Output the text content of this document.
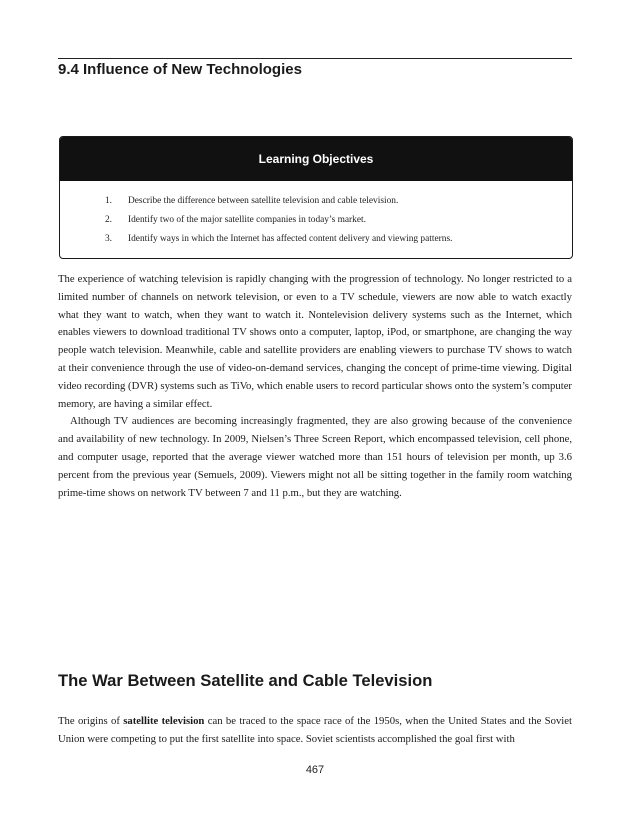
9.4 Influence of New Technologies
Learning Objectives
1.	Describe the difference between satellite television and cable television.
2.	Identify two of the major satellite companies in today’s market.
3.	Identify ways in which the Internet has affected content delivery and viewing patterns.

The experience of watching television is rapidly changing with the progression of technology. No longer restricted to a limited number of channels on network television, or even to a TV schedule, viewers are now able to watch exactly what they want to watch, when they want to watch it. Nontelevision delivery systems such as the Internet, which enables viewers to download traditional TV shows onto a computer, laptop, iPod, or smartphone, are changing the way people watch television. Meanwhile, cable and satellite providers are enabling viewers to purchase TV shows to watch at their convenience through the use of video-on-demand services, changing the concept of prime-time viewing. Digital video recording (DVR) systems such as TiVo, which enable users to record particular shows onto the system’s computer memory, are having a similar effect.

Although TV audiences are becoming increasingly fragmented, they are also growing because of the convenience and availability of new technology. In 2009, Nielsen’s Three Screen Report, which encompassed television, cell phone, and computer usage, reported that the average viewer watched more than 151 hours of television per month, up 3.6 percent from the previous year (Semuels, 2009). Viewers might not all be sitting together in the family room watching prime-time shows on network TV between 7 and 11 p.m., but they are watching.

The War Between Satellite and Cable Television

The origins of satellite television can be traced to the space race of the 1950s, when the United States and the Soviet Union were competing to put the first satellite into space. Soviet scientists accomplished the goal first with

467
